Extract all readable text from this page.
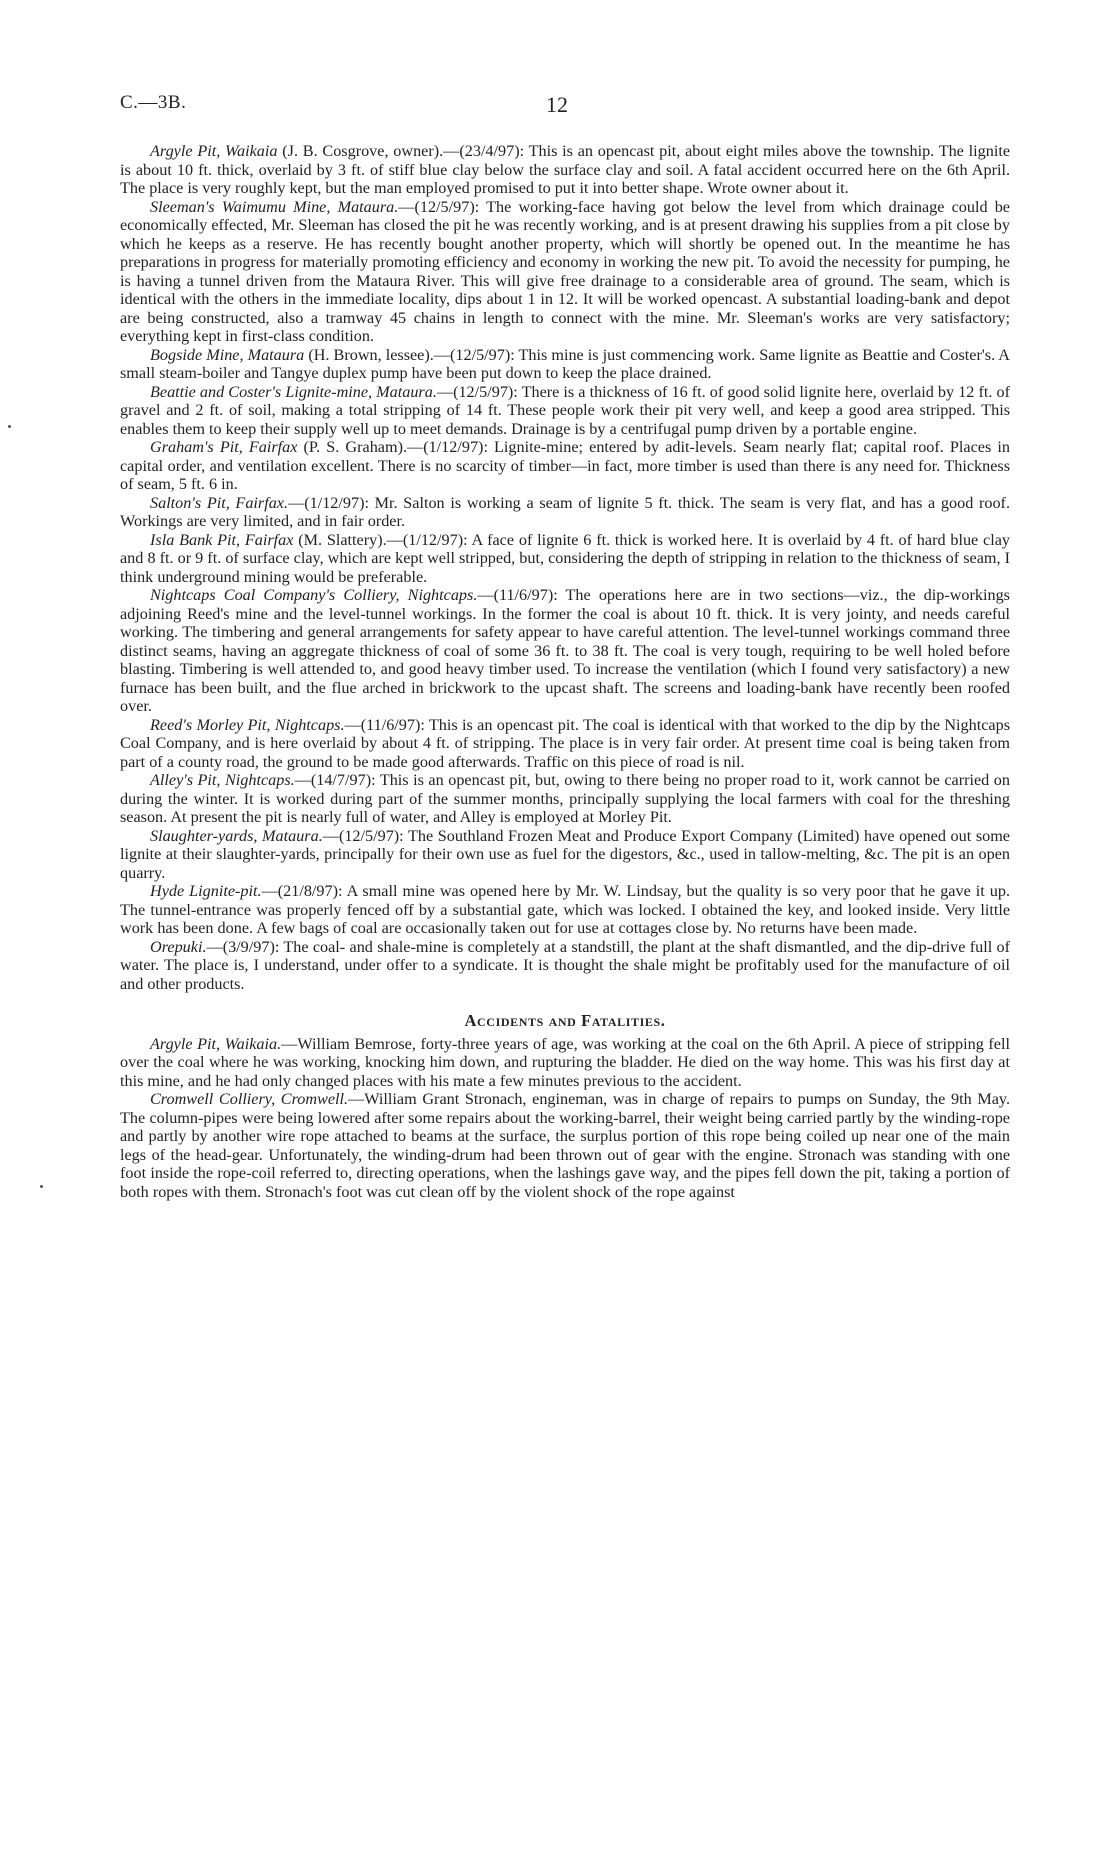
C.—3B.	12

Argyle Pit, Waikaia (J. B. Cosgrove, owner).—(23/4/97): This is an opencast pit, about eight miles above the township. The lignite is about 10 ft. thick, overlaid by 3 ft. of stiff blue clay below the surface clay and soil. A fatal accident occurred here on the 6th April. The place is very roughly kept, but the man employed promised to put it into better shape. Wrote owner about it.

Sleeman's Waimumu Mine, Mataura.—(12/5/97): The working-face having got below the level from which drainage could be economically effected, Mr. Sleeman has closed the pit he was recently working, and is at present drawing his supplies from a pit close by which he keeps as a reserve. He has recently bought another property, which will shortly be opened out. In the meantime he has preparations in progress for materially promoting efficiency and economy in working the new pit. To avoid the necessity for pumping, he is having a tunnel driven from the Mataura River. This will give free drainage to a considerable area of ground. The seam, which is identical with the others in the immediate locality, dips about 1 in 12. It will be worked opencast. A substantial loading-bank and depot are being constructed, also a tramway 45 chains in length to connect with the mine. Mr. Sleeman's works are very satisfactory; everything kept in first-class condition.

Bogside Mine, Mataura (H. Brown, lessee).—(12/5/97): This mine is just commencing work. Same lignite as Beattie and Coster's. A small steam-boiler and Tangye duplex pump have been put down to keep the place drained.

Beattie and Coster's Lignite-mine, Mataura.—(12/5/97): There is a thickness of 16 ft. of good solid lignite here, overlaid by 12 ft. of gravel and 2 ft. of soil, making a total stripping of 14 ft. These people work their pit very well, and keep a good area stripped. This enables them to keep their supply well up to meet demands. Drainage is by a centrifugal pump driven by a portable engine.

Graham's Pit, Fairfax (P. S. Graham).—(1/12/97): Lignite-mine; entered by adit-levels. Seam nearly flat; capital roof. Places in capital order, and ventilation excellent. There is no scarcity of timber—in fact, more timber is used than there is any need for. Thickness of seam, 5 ft. 6 in.

Salton's Pit, Fairfax.—(1/12/97): Mr. Salton is working a seam of lignite 5 ft. thick. The seam is very flat, and has a good roof. Workings are very limited, and in fair order.

Isla Bank Pit, Fairfax (M. Slattery).—(1/12/97): A face of lignite 6 ft. thick is worked here. It is overlaid by 4 ft. of hard blue clay and 8 ft. or 9 ft. of surface clay, which are kept well stripped, but, considering the depth of stripping in relation to the thickness of seam, I think underground mining would be preferable.

Nightcaps Coal Company's Colliery, Nightcaps.—(11/6/97): The operations here are in two sections—viz., the dip-workings adjoining Reed's mine and the level-tunnel workings. In the former the coal is about 10 ft. thick. It is very jointy, and needs careful working. The timbering and general arrangements for safety appear to have careful attention. The level-tunnel workings command three distinct seams, having an aggregate thickness of coal of some 36 ft. to 38 ft. The coal is very tough, requiring to be well holed before blasting. Timbering is well attended to, and good heavy timber used. To increase the ventilation (which I found very satisfactory) a new furnace has been built, and the flue arched in brickwork to the upcast shaft. The screens and loading-bank have recently been roofed over.

Reed's Morley Pit, Nightcaps.—(11/6/97): This is an opencast pit. The coal is identical with that worked to the dip by the Nightcaps Coal Company, and is here overlaid by about 4 ft. of stripping. The place is in very fair order. At present time coal is being taken from part of a county road, the ground to be made good afterwards. Traffic on this piece of road is nil.

Alley's Pit, Nightcaps.—(14/7/97): This is an opencast pit, but, owing to there being no proper road to it, work cannot be carried on during the winter. It is worked during part of the summer months, principally supplying the local farmers with coal for the threshing season. At present the pit is nearly full of water, and Alley is employed at Morley Pit.

Slaughter-yards, Mataura.—(12/5/97): The Southland Frozen Meat and Produce Export Company (Limited) have opened out some lignite at their slaughter-yards, principally for their own use as fuel for the digestors, &c., used in tallow-melting, &c. The pit is an open quarry.

Hyde Lignite-pit.—(21/8/97): A small mine was opened here by Mr. W. Lindsay, but the quality is so very poor that he gave it up. The tunnel-entrance was properly fenced off by a substantial gate, which was locked. I obtained the key, and looked inside. Very little work has been done. A few bags of coal are occasionally taken out for use at cottages close by. No returns have been made.

Orepuki.—(3/9/97): The coal- and shale-mine is completely at a standstill, the plant at the shaft dismantled, and the dip-drive full of water. The place is, I understand, under offer to a syndicate. It is thought the shale might be profitably used for the manufacture of oil and other products.

Accidents and Fatalities.

Argyle Pit, Waikaia.—William Bemrose, forty-three years of age, was working at the coal on the 6th April. A piece of stripping fell over the coal where he was working, knocking him down, and rupturing the bladder. He died on the way home. This was his first day at this mine, and he had only changed places with his mate a few minutes previous to the accident.

Cromwell Colliery, Cromwell.—William Grant Stronach, engineman, was in charge of repairs to pumps on Sunday, the 9th May. The column-pipes were being lowered after some repairs about the working-barrel, their weight being carried partly by the winding-rope and partly by another wire rope attached to beams at the surface, the surplus portion of this rope being coiled up near one of the main legs of the head-gear. Unfortunately, the winding-drum had been thrown out of gear with the engine. Stronach was standing with one foot inside the rope-coil referred to, directing operations, when the lashings gave way, and the pipes fell down the pit, taking a portion of both ropes with them. Stronach's foot was cut clean off by the violent shock of the rope against
